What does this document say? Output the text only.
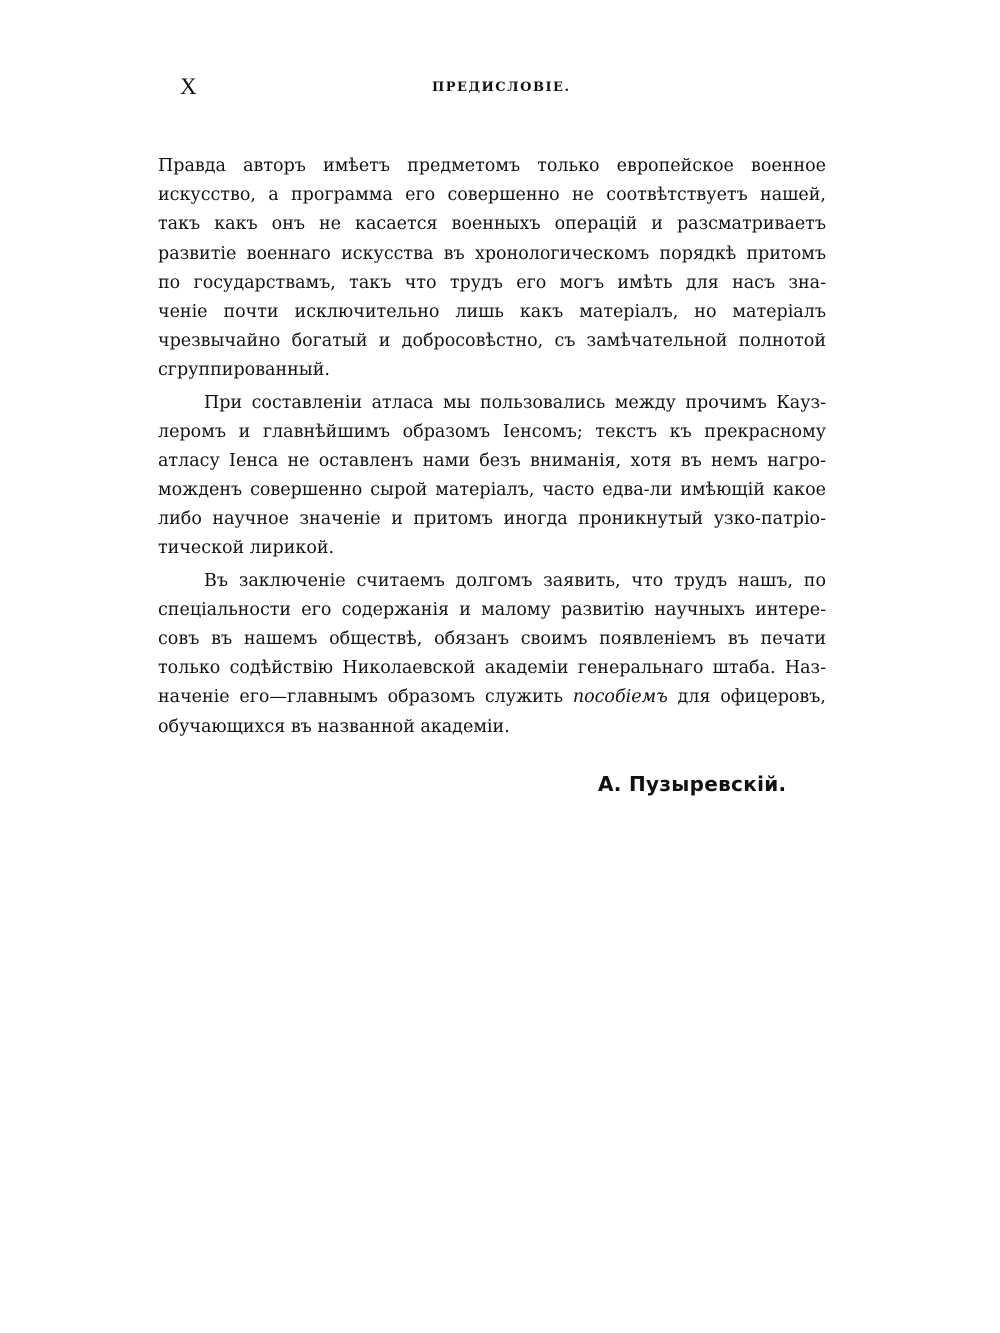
X	ПРЕДИСЛОВІЕ.
Правда авторъ имѣетъ предметомъ только европейское военное
искусство, а программа его совершенно не соотвѣтствуетъ нашей,
такъ какъ онъ не касается военныхъ операцій и разсматриваетъ
развитіе военнаго искусства въ хронологическомъ порядкѣ притомъ
по государствамъ, такъ что трудъ его могъ имѣть для насъ зна-
ченіе почти исключительно лишь какъ матеріалъ, но матеріалъ
чрезвычайно богатый и добросовѣстно, съ замѣчательной полнотой
сгруппированный.
При составленіи атласа мы пользовались между прочимъ Кауз-
леромъ и главнѣйшимъ образомъ Іенсомъ; текстъ къ прекрасному
атласу Іенса не оставленъ нами безъ вниманія, хотя въ немъ нагро-
можденъ совершенно сырой матеріалъ, часто едва-ли имѣющій какое
либо научное значеніе и притомъ иногда проникнутый узко-патріо-
тической лирикой.
Въ заключеніе считаемъ долгомъ заявить, что трудъ нашъ, по
спеціальности его содержанія и малому развитію научныхъ интере-
совъ въ нашемъ обществѣ, обязанъ своимъ появленіемъ въ печати
только содѣйствію Николаевской академіи генеральнаго штаба. Наз-
наченіе его—главнымъ образомъ служить пособіемъ для офицеровъ,
обучающихся въ названной академіи.
А. Пузыревскій.
